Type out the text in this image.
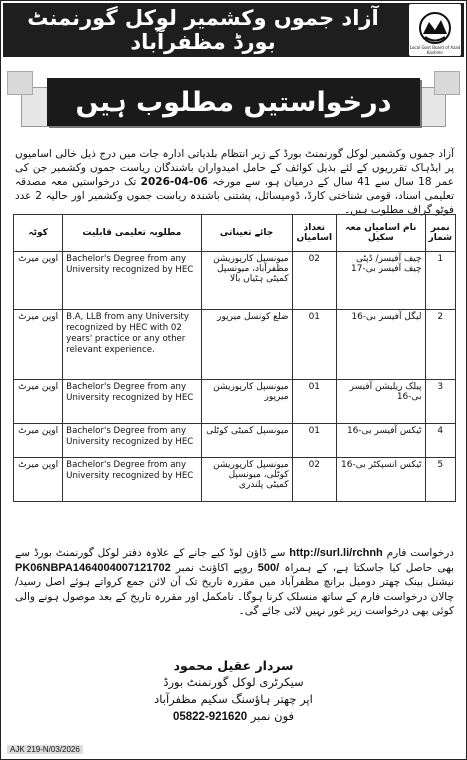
آزاد جموں وکشمیر لوکل گورنمنٹ بورڈ مظفرآباد	Local Govt Board of Azad Kashmir
درخواستیں مطلوب ہیں
آزاد جموں وکشمیر لوکل گورنمنٹ بورڈ کے زیر انتظام بلدیاتی ادارہ جات میں درج ذیل خالی اسامیوں پر ایڈہاک تقرریوں کے لئے بذیل کوائف کے حامل امیدواران باشندگان ریاست جموں وکشمیر جن کی عمر 18 سال سے 41 سال کے درمیان ہو، سے مورخہ 06-04-2026 تک درخواستیں معہ مصدقہ تعلیمی اسناد، قومی شناختی کارڈ، ڈومیسائل، پشتنی باشندہ ریاست جموں وکشمیر اور حالیہ 2 عدد فوٹو گراف مطلوب ہیں۔
نمبر شمار	نام اسامیاں معہ سکیل	تعداد اسامیاں	جائے تعیناتی	مطلوبہ تعلیمی قابلیت	کوٹہ
1	چیف آفیسر/ ڈپٹی چیف آفیسر بی-17	02	میونسپل کارپوریشن مظفرآباد، میونسپل کمیٹی ہٹیاں بالا	Bachelor's Degree from any University recognized by HEC	اوپن میرٹ
2	لیگل آفیسر بی-16	01	ضلع کونسل میرپور	B.A, LLB from any University recognized by HEC with 02 years' practice or any other relevant experience.	اوپن میرٹ
3	پبلک ریلیشن آفیسر بی-16	01	میونسپل کارپوریشن میرپور	Bachelor's Degree from any University recognized by HEC	اوپن میرٹ
4	ٹیکس آفیسر بی-16	01	میونسپل کمیٹی کوٹلی	Bachelor's Degree from any University recognized by HEC	اوپن میرٹ
5	ٹیکس انسپکٹر بی-16	02	میونسپل کارپوریشن کوٹلی، میونسپل کمیٹی پلندری	Bachelor's Degree from any University recognized by HEC	اوپن میرٹ
درخواست فارم http://surl.li/rchnh سے ڈاؤن لوڈ کیے جانے کے علاوہ دفتر لوکل گورنمنٹ بورڈ سے بھی حاصل کیا جاسکتا ہے، کے ہمراہ 500/ روپے اکاؤنٹ نمبر PK06NBPA1464004007121702 نیشنل بینک چھتر دومیل برانچ مظفرآباد میں مقررہ تاریخ تک آن لائن جمع کرواتے ہوئے اصل رسید/ چالان درخواست فارم کے ساتھ منسلک کرنا ہوگا۔ نامکمل اور مقررہ تاریخ کے بعد موصول ہونے والی کوئی بھی درخواست زیر غور نہیں لائی جائے گی۔
سردار عقیل محمود
سیکرٹری لوکل گورنمنٹ بورڈ
اپر چھتر ہاؤسنگ سکیم مظفرآباد
فون نمبر 05822-921620
AJK 219-N/03/2026
